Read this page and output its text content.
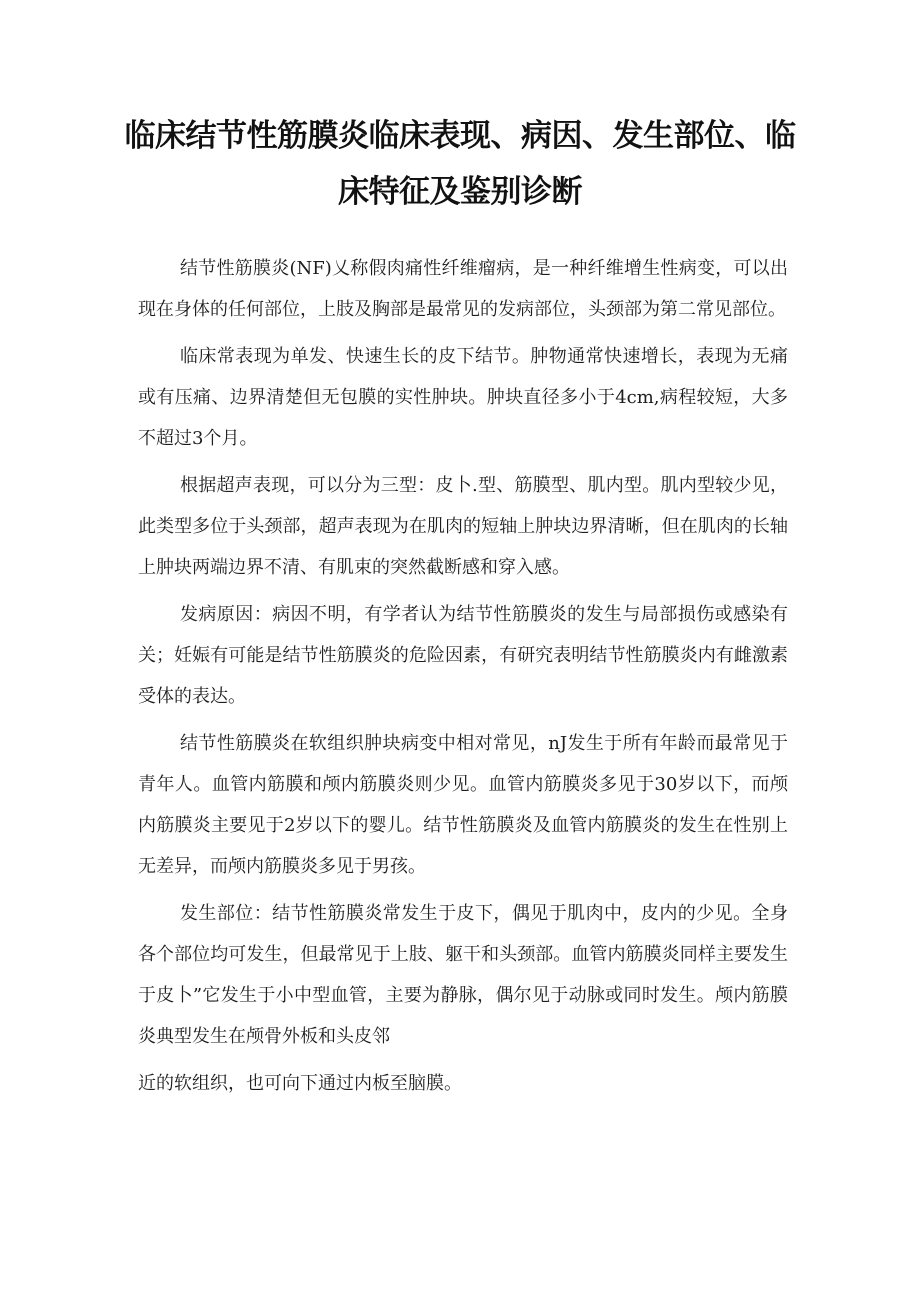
临床结节性筋膜炎临床表现、病因、发生部位、临床特征及鉴别诊断

结节性筋膜炎(NF)乂称假肉痛性纤维瘤病，是一种纤维增生性病变，可以出现在身体的任何部位，上肢及胸部是最常见的发病部位，头颈部为第二常见部位。

临床常表现为单发、快速生长的皮下结节。肿物通常快速增长，表现为无痛或有压痛、边界清楚但无包膜的实性肿块。肿块直径多小于4cm,病程较短，大多不超过3个月。

根据超声表现，可以分为三型：皮卜.型、筋膜型、肌内型。肌内型较少见，此类型多位于头颈部，超声表现为在肌肉的短轴上肿块边界清晰，但在肌肉的长轴上肿块两端边界不清、有肌束的突然截断感和穿入感。

发病原因：病因不明，有学者认为结节性筋膜炎的发生与局部损伤或感染有关；妊娠有可能是结节性筋膜炎的危险因素，有研究表明结节性筋膜炎内有雌激素受体的表达。

结节性筋膜炎在软组织肿块病变中相对常见，nJ发生于所有年龄而最常见于青年人。血管内筋膜和颅内筋膜炎则少见。血管内筋膜炎多见于30岁以下，而颅内筋膜炎主要见于2岁以下的婴儿。结节性筋膜炎及血管内筋膜炎的发生在性别上无差异，而颅内筋膜炎多见于男孩。

发生部位：结节性筋膜炎常发生于皮下，偶见于肌肉中，皮内的少见。全身各个部位均可发生，但最常见于上肢、躯干和头颈部。血管内筋膜炎同样主要发生于皮卜”它发生于小中型血管，主要为静脉，偶尔见于动脉或同时发生。颅内筋膜炎典型发生在颅骨外板和头皮邻

近的软组织，也可向下通过内板至脑膜。
